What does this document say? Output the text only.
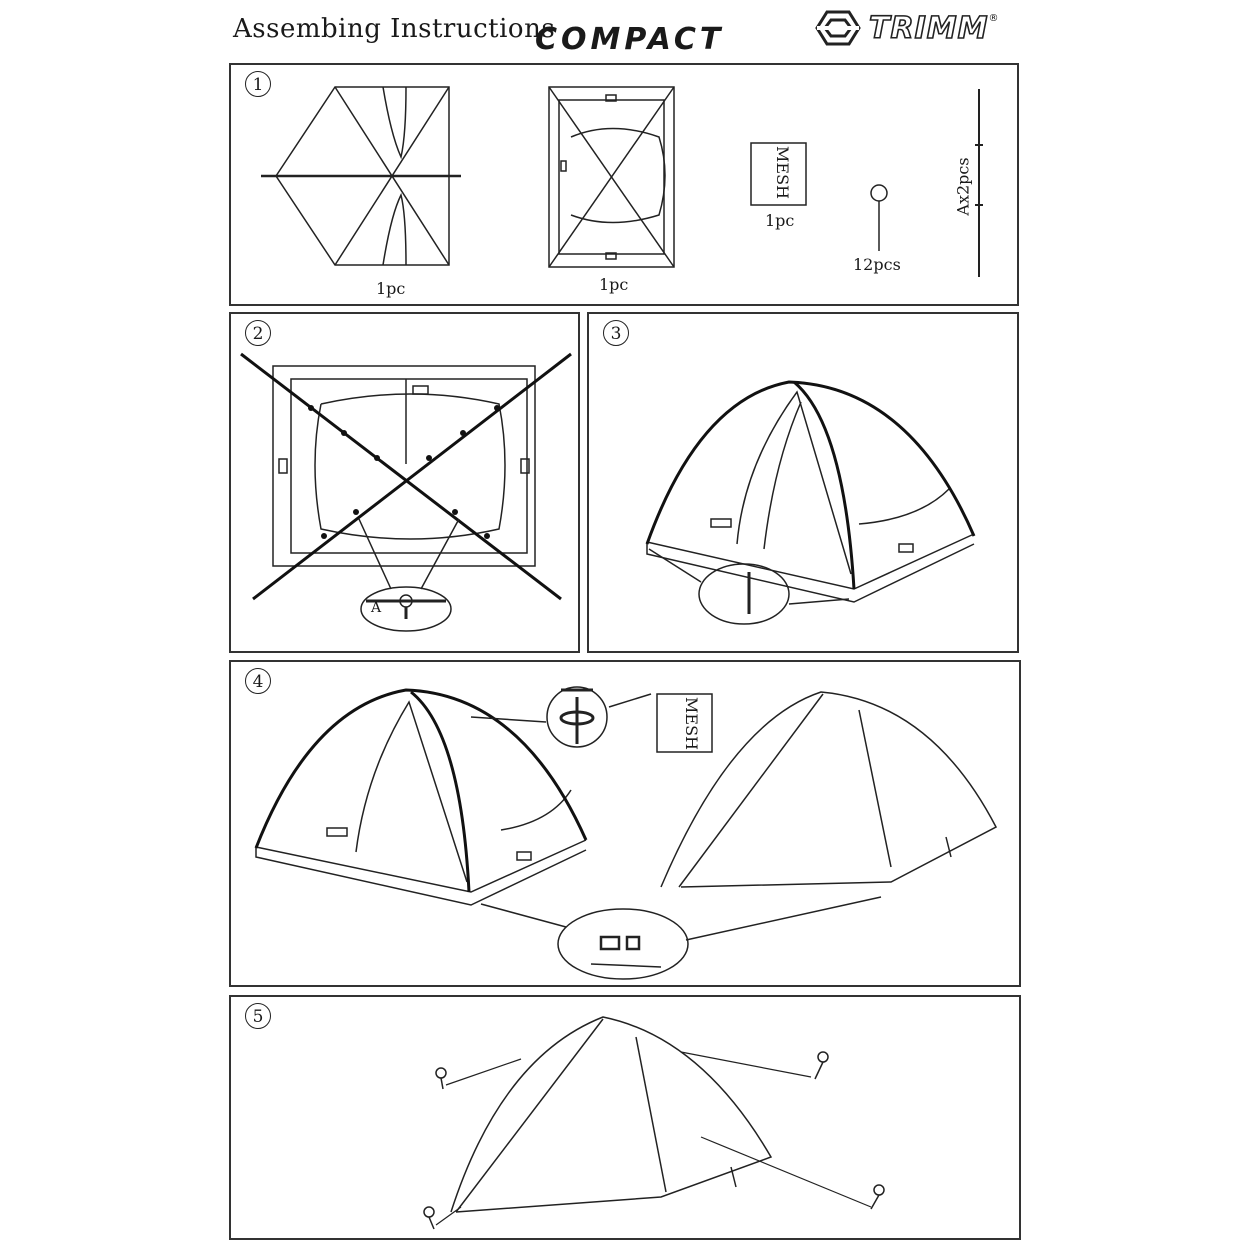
Assembing Instructions
COMPACT	TRIMM ®
1
1pc	1pc
MESH
1pc
12pcs
Ax2pcs
2
A
3
4
MESH
5
